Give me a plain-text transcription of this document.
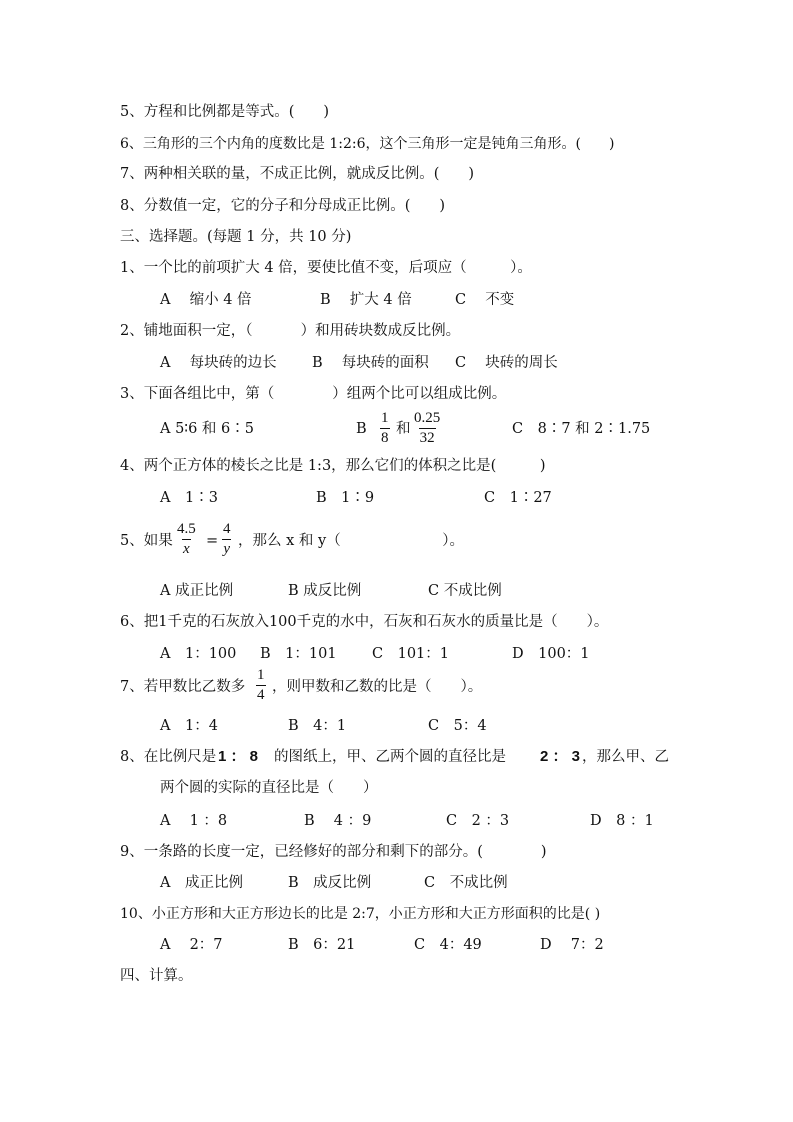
5、方程和比例都是等式。(　　)
6、三角形的三个内角的度数比是 1:2:6，这个三角形一定是钝角三角形。(　　)
7、两种相关联的量，不成正比例，就成反比例。(　　)
8、分数值一定，它的分子和分母成正比例。(　　)
三、选择题。(每题 1 分，共 10 分)
1、一个比的前项扩大 4 倍，要使比值不变，后项应（　　　）。
A　 缩小 4 倍	B　 扩大 4 倍	C　 不变
2、铺地面积一定，（　　　 ）和用砖块数成反比例。
A　 每块砖的边长 B　 每块砖的面积 C　 块砖的周长
3、下面各组比中，第（　　　　）组两个比可以组成比例。
A 5∶6 和 6∶5	B $\frac{1}{8}$ 和 $\frac{0.25}{32}$	C　8∶7 和 2∶1.75
4、两个正方体的棱长之比是 1:3，那么它们的体积之比是(　　　)
A　1∶3	B　1∶9	C　1∶27
5、如果 $\frac{4.5}{x} = \frac{4}{y}$ ，那么 x 和 y（　　　　　　　）。
A 成正比例	B 成反比例	C 不成比例
6、把1千克的石灰放入100千克的水中，石灰和石灰水的质量比是（　　）。
A　1：100 B　1：101 C　101：1	D　100：1
7、若甲数比乙数多 $\frac{1}{4}$ ，则甲数和乙数的比是（　　）。
A　1：4	B　4：1	C　5：4
8、在比例尺是 1 ： 8 的图纸上，甲、乙两个圆的直径比是 2 ： 3 ，那么甲、乙
两个圆的实际的直径比是（　　）
A　 1 ：8	B　 4 ：9	C　2 ：3	D　8 ：1
9、一条路的长度一定，已经修好的部分和剩下的部分。(　　　　)
A　成正比例	B　成反比例	C　不成比例
10、小正方形和大正方形边长的比是 2:7，小正方形和大正方形面积的比是( )
A　 2：7	B　6：21	C　4：49	D　 7：2
四、计算。
